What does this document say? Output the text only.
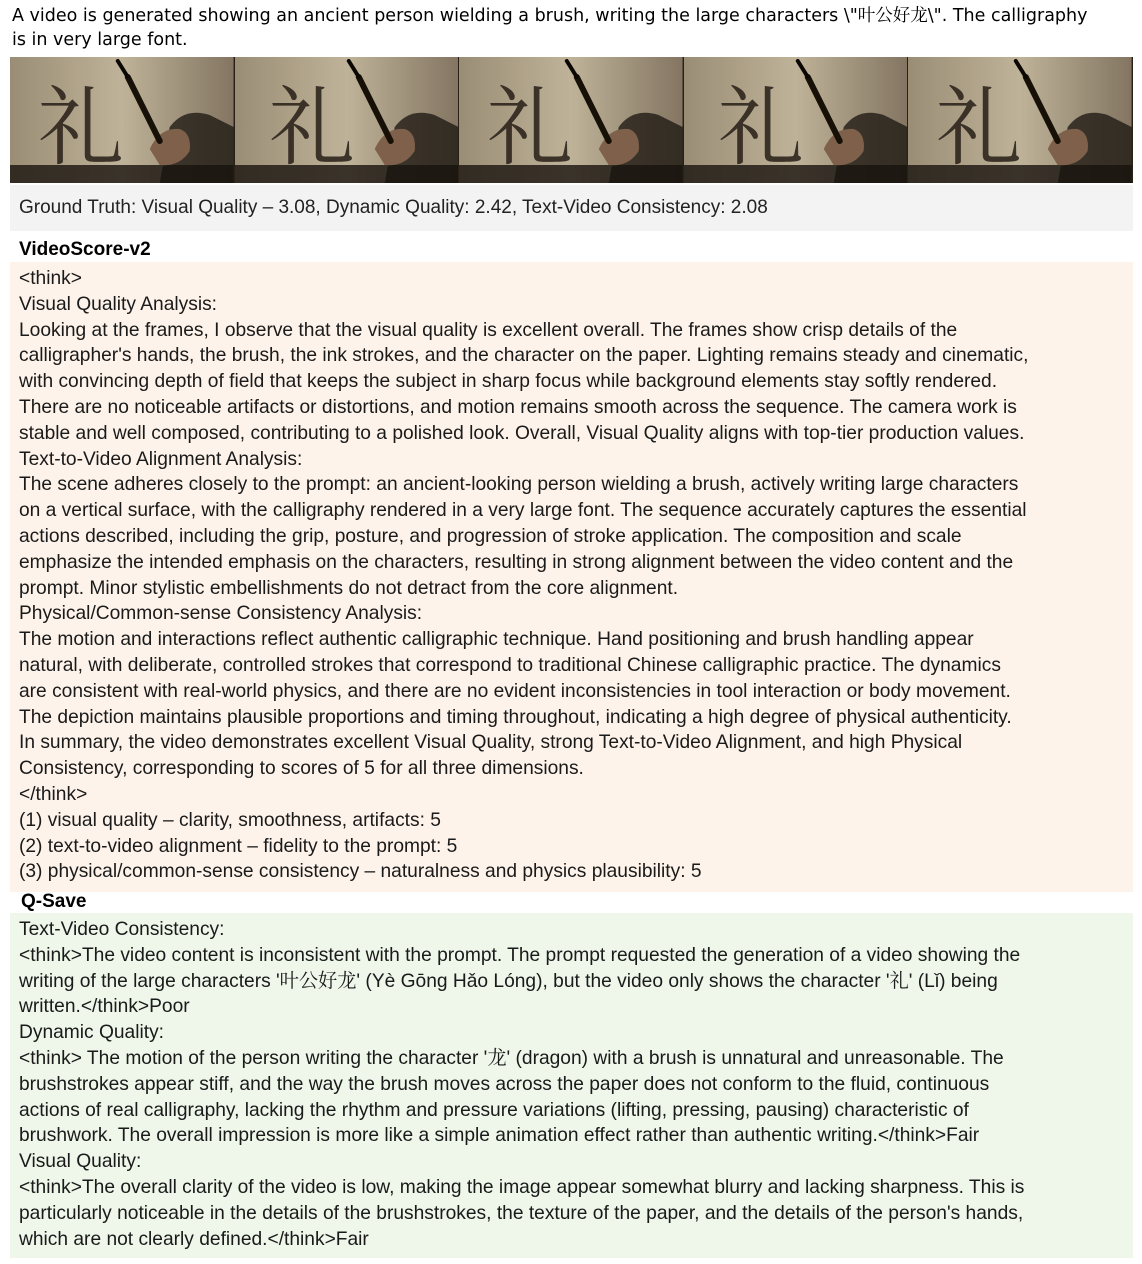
A video is generated showing an ancient person wielding a brush, writing the large characters \"叶公好龙\". The calligraphy
is in very large font.
礼 礼 礼 礼 礼
Ground Truth: Visual Quality – 3.08, Dynamic Quality: 2.42, Text-Video Consistency: 2.08
VideoScore-v2
<think>
Visual Quality Analysis:
Looking at the frames, I observe that the visual quality is excellent overall. The frames show crisp details of the
calligrapher's hands, the brush, the ink strokes, and the character on the paper. Lighting remains steady and cinematic,
with convincing depth of field that keeps the subject in sharp focus while background elements stay softly rendered.
There are no noticeable artifacts or distortions, and motion remains smooth across the sequence. The camera work is
stable and well composed, contributing to a polished look. Overall, Visual Quality aligns with top-tier production values.
Text-to-Video Alignment Analysis:
The scene adheres closely to the prompt: an ancient-looking person wielding a brush, actively writing large characters
on a vertical surface, with the calligraphy rendered in a very large font. The sequence accurately captures the essential
actions described, including the grip, posture, and progression of stroke application. The composition and scale
emphasize the intended emphasis on the characters, resulting in strong alignment between the video content and the
prompt. Minor stylistic embellishments do not detract from the core alignment.
Physical/Common-sense Consistency Analysis:
The motion and interactions reflect authentic calligraphic technique. Hand positioning and brush handling appear
natural, with deliberate, controlled strokes that correspond to traditional Chinese calligraphic practice. The dynamics
are consistent with real-world physics, and there are no evident inconsistencies in tool interaction or body movement.
The depiction maintains plausible proportions and timing throughout, indicating a high degree of physical authenticity.
In summary, the video demonstrates excellent Visual Quality, strong Text-to-Video Alignment, and high Physical
Consistency, corresponding to scores of 5 for all three dimensions.
</think>
(1) visual quality – clarity, smoothness, artifacts: 5
(2) text-to-video alignment – fidelity to the prompt: 5
(3) physical/common-sense consistency – naturalness and physics plausibility: 5
Q-Save
Text-Video Consistency:
<think>The video content is inconsistent with the prompt. The prompt requested the generation of a video showing the
writing of the large characters '叶公好龙' (Yè Gōng Hǎo Lóng), but the video only shows the character '礼' (Lǐ) being
written.</think>Poor
Dynamic Quality:
<think> The motion of the person writing the character '龙' (dragon) with a brush is unnatural and unreasonable. The
brushstrokes appear stiff, and the way the brush moves across the paper does not conform to the fluid, continuous
actions of real calligraphy, lacking the rhythm and pressure variations (lifting, pressing, pausing) characteristic of
brushwork. The overall impression is more like a simple animation effect rather than authentic writing.</think>Fair
Visual Quality:
<think>The overall clarity of the video is low, making the image appear somewhat blurry and lacking sharpness. This is
particularly noticeable in the details of the brushstrokes, the texture of the paper, and the details of the person's hands,
which are not clearly defined.</think>Fair
